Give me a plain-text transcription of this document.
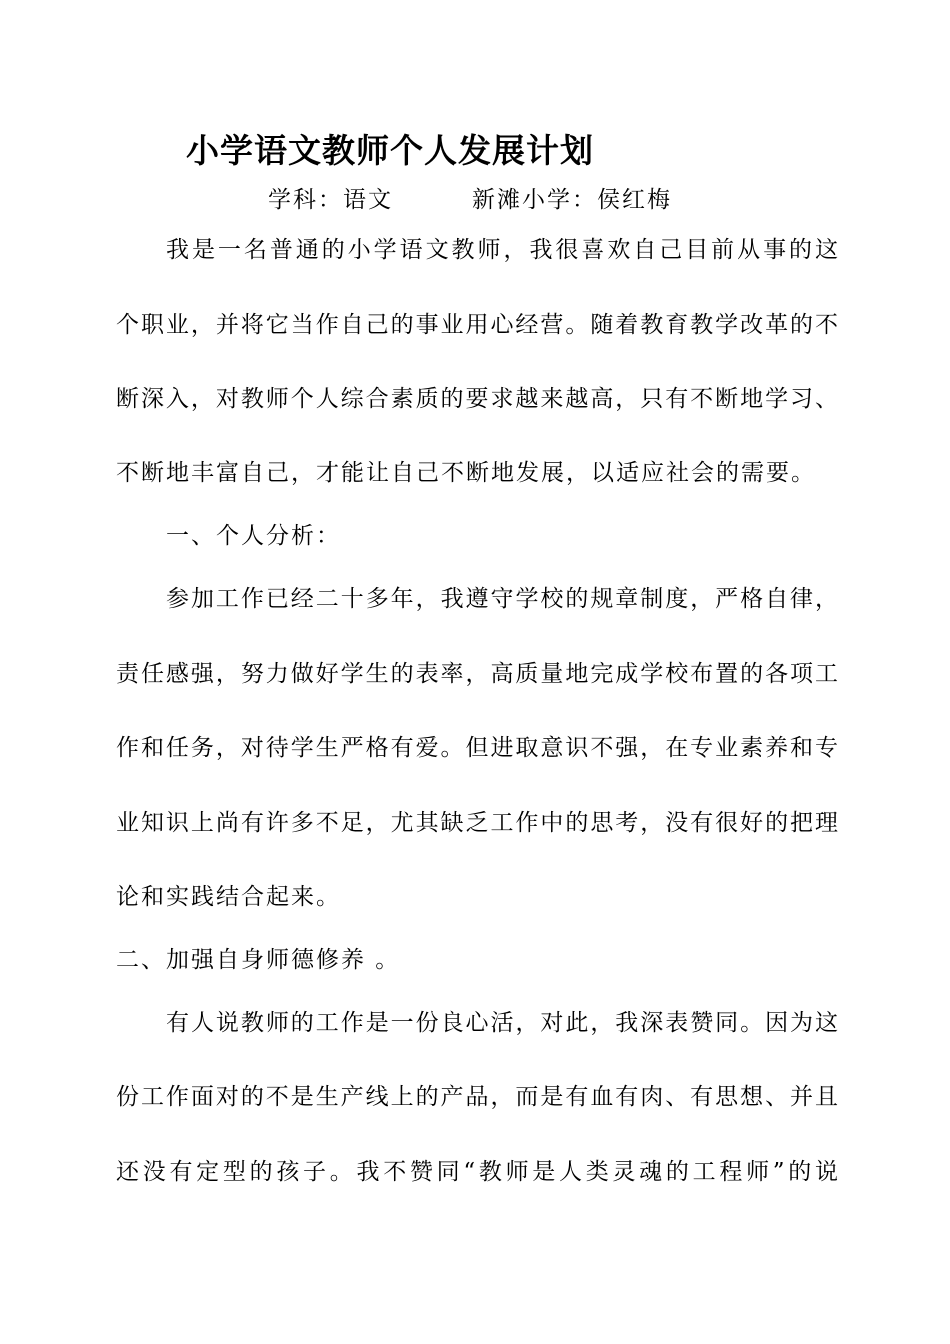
小学语文教师个人发展计划
学科：语文	新滩小学：侯红梅
我是一名普通的小学语文教师，我很喜欢自己目前从事的这
个职业，并将它当作自己的事业用心经营。随着教育教学改革的不
断深入，对教师个人综合素质的要求越来越高，只有不断地学习、
不断地丰富自己，才能让自己不断地发展，以适应社会的需要。
一、个人分析：
参加工作已经二十多年，我遵守学校的规章制度，严格自律，
责任感强，努力做好学生的表率，高质量地完成学校布置的各项工
作和任务，对待学生严格有爱。但进取意识不强，在专业素养和专
业知识上尚有许多不足，尤其缺乏工作中的思考，没有很好的把理
论和实践结合起来。
二、加强自身师德修养 。
有人说教师的工作是一份良心活，对此，我深表赞同。因为这
份工作面对的不是生产线上的产品，而是有血有肉、有思想、并且
还没有定型的孩子。我不赞同“教师是人类灵魂的工程师”的说
